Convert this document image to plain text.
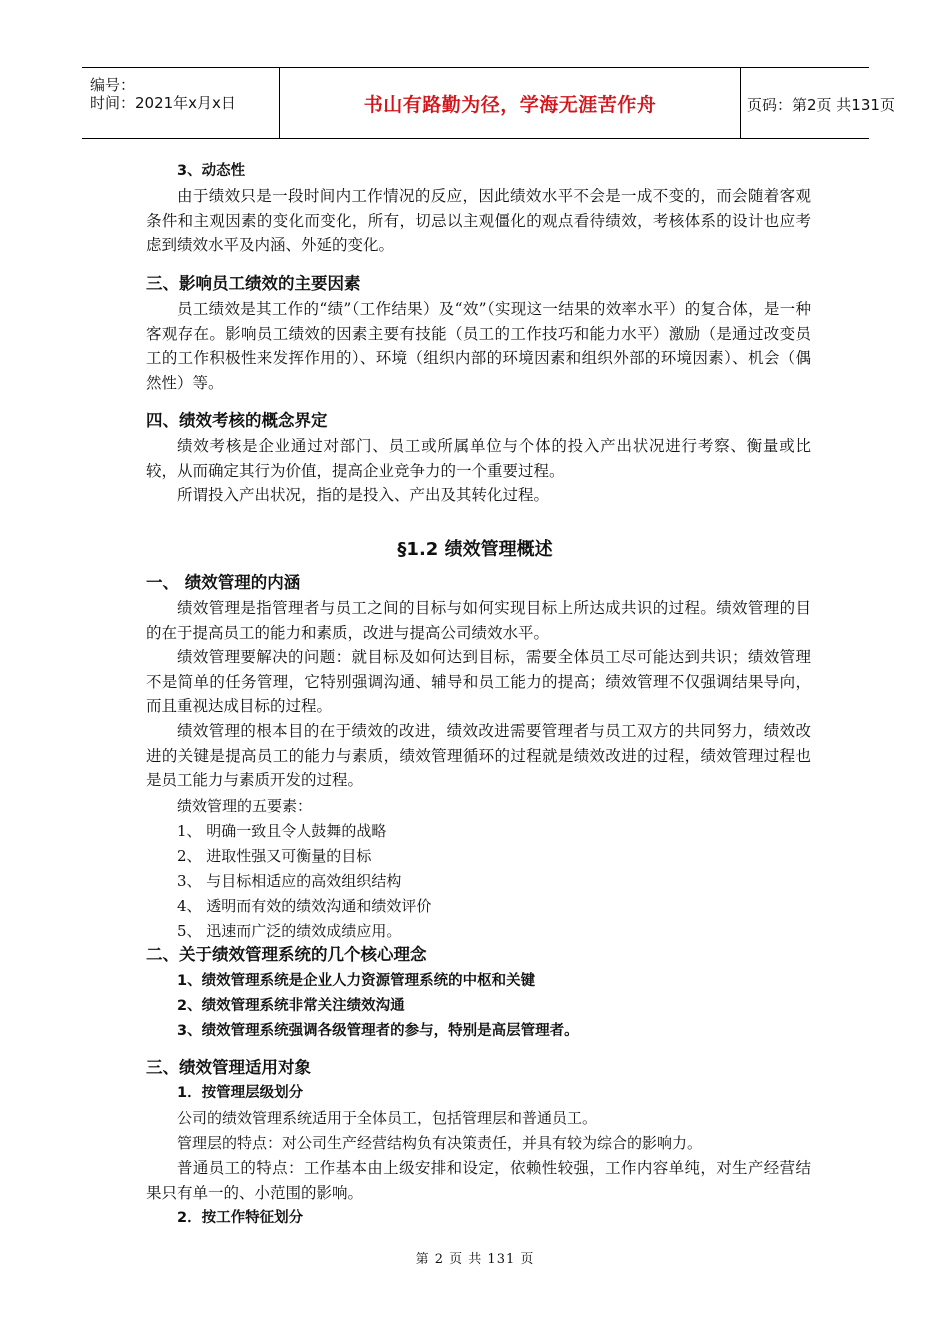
编号：
时间：2021年x月x日	书山有路勤为径，学海无涯苦作舟	页码：第2页 共131页
3、动态性
由于绩效只是一段时间内工作情况的反应，因此绩效水平不会是一成不变的，而会随着客观条件和主观因素的变化而变化，所有，切忌以主观僵化的观点看待绩效，考核体系的设计也应考虑到绩效水平及内涵、外延的变化。
三、影响员工绩效的主要因素
员工绩效是其工作的“绩”（工作结果）及“效”（实现这一结果的效率水平）的复合体，是一种客观存在。影响员工绩效的因素主要有技能（员工的工作技巧和能力水平）激励（是通过改变员工的工作积极性来发挥作用的）、环境（组织内部的环境因素和组织外部的环境因素）、机会（偶然性）等。
四、绩效考核的概念界定
绩效考核是企业通过对部门、员工或所属单位与个体的投入产出状况进行考察、衡量或比较，从而确定其行为价值，提高企业竞争力的一个重要过程。
所谓投入产出状况，指的是投入、产出及其转化过程。
§1.2 绩效管理概述
一、 绩效管理的内涵
绩效管理是指管理者与员工之间的目标与如何实现目标上所达成共识的过程。绩效管理的目的在于提高员工的能力和素质，改进与提高公司绩效水平。
绩效管理要解决的问题：就目标及如何达到目标，需要全体员工尽可能达到共识；绩效管理不是简单的任务管理，它特别强调沟通、辅导和员工能力的提高；绩效管理不仅强调结果导向，而且重视达成目标的过程。
绩效管理的根本目的在于绩效的改进，绩效改进需要管理者与员工双方的共同努力，绩效改进的关键是提高员工的能力与素质，绩效管理循环的过程就是绩效改进的过程，绩效管理过程也是员工能力与素质开发的过程。
绩效管理的五要素：
1、 明确一致且令人鼓舞的战略
2、 进取性强又可衡量的目标
3、 与目标相适应的高效组织结构
4、 透明而有效的绩效沟通和绩效评价
5、 迅速而广泛的绩效成绩应用。
二、关于绩效管理系统的几个核心理念
1、绩效管理系统是企业人力资源管理系统的中枢和关键
2、绩效管理系统非常关注绩效沟通
3、绩效管理系统强调各级管理者的参与，特别是高层管理者。
三、绩效管理适用对象
1．按管理层级划分
公司的绩效管理系统适用于全体员工，包括管理层和普通员工。
管理层的特点：对公司生产经营结构负有决策责任，并具有较为综合的影响力。
普通员工的特点：工作基本由上级安排和设定，依赖性较强，工作内容单纯，对生产经营结果只有单一的、小范围的影响。
2．按工作特征划分
第 2 页 共 131 页
